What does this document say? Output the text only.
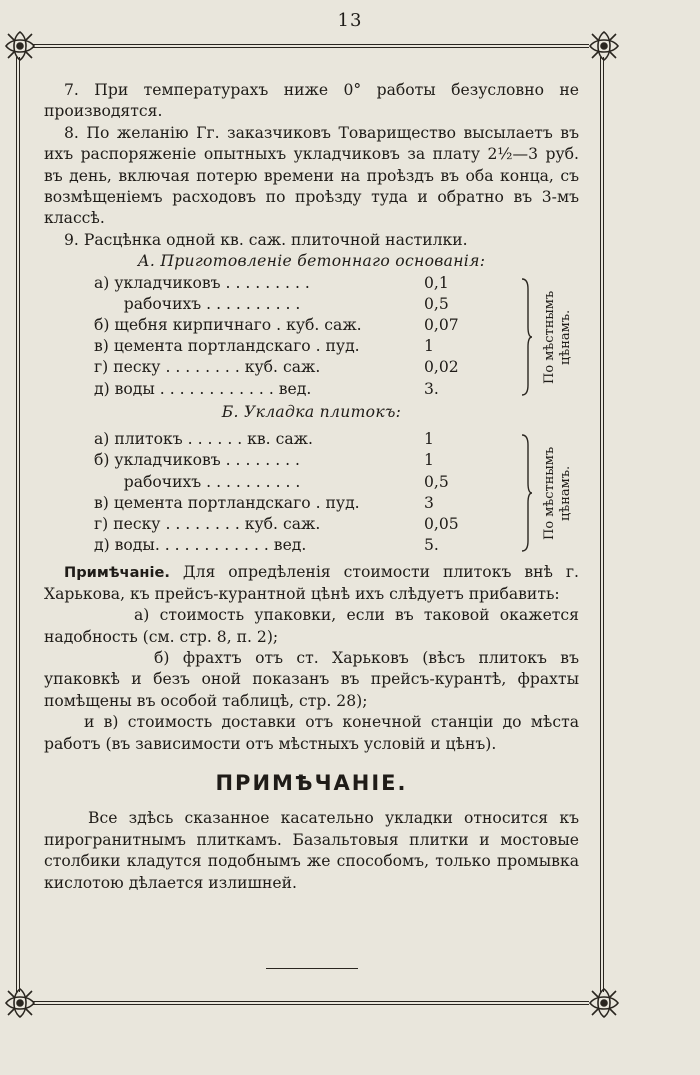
13

7. При температурахъ ниже 0° работы безусловно не производятся.

8. По желанію Гг. заказчиковъ Товарищество высылаетъ въ ихъ распоряженіе опытныхъ укладчиковъ за плату 2½—3 руб. въ день, включая потерю времени на проѣздъ въ оба конца, съ возмѣщеніемъ расходовъ по проѣзду туда и обратно въ 3-мъ классѣ.

9. Расцѣнка одной кв. саж. плиточной настилки.

А. Приготовленіе бетоннаго основанія:

а) укладчиковъ . . . . . . . . .	0,1
рабочихъ . . . . . . . . . .	0,5
б) щебня кирпичнаго . куб. саж.	0,07
в) цемента портландскаго . пуд.	1
г) песку . . . . . . . . куб. саж.	0,02
д) воды . . . . . . . . . . . . вед.	3.
По мѣстнымъ цѣнамъ.

Б. Укладка плитокъ:

а) плитокъ . . . . . . кв. саж.	1
б) укладчиковъ . . . . . . . .	1
рабочихъ . . . . . . . . . .	0,5
в) цемента портландскаго . пуд.	3
г) песку . . . . . . . . куб. саж.	0,05
д) воды. . . . . . . . . . . . вед.	5.
По мѣстнымъ цѣнамъ.

Примѣчаніе. Для опредѣленія стоимости плитокъ внѣ г. Харькова, къ прейсъ-курантной цѣнѣ ихъ слѣдуетъ прибавить:

а) стоимость упаковки, если въ таковой окажется надобность (см. стр. 8, п. 2);

б) фрахтъ отъ ст. Харьковъ (вѣсъ плитокъ въ упаковкѣ и безъ оной показанъ въ прейсъ-курантѣ, фрахты помѣщены въ особой таблицѣ, стр. 28);

и в) стоимость доставки отъ конечной станціи до мѣста работъ (въ зависимости отъ мѣстныхъ условій и цѣнъ).

ПРИМѢЧАНІЕ.

Все здѣсь сказанное касательно укладки относится къ пирогранитнымъ плиткамъ. Базальтовыя плитки и мостовые столбики кладутся подобнымъ же способомъ, только промывка кислотою дѣлается излишней.
